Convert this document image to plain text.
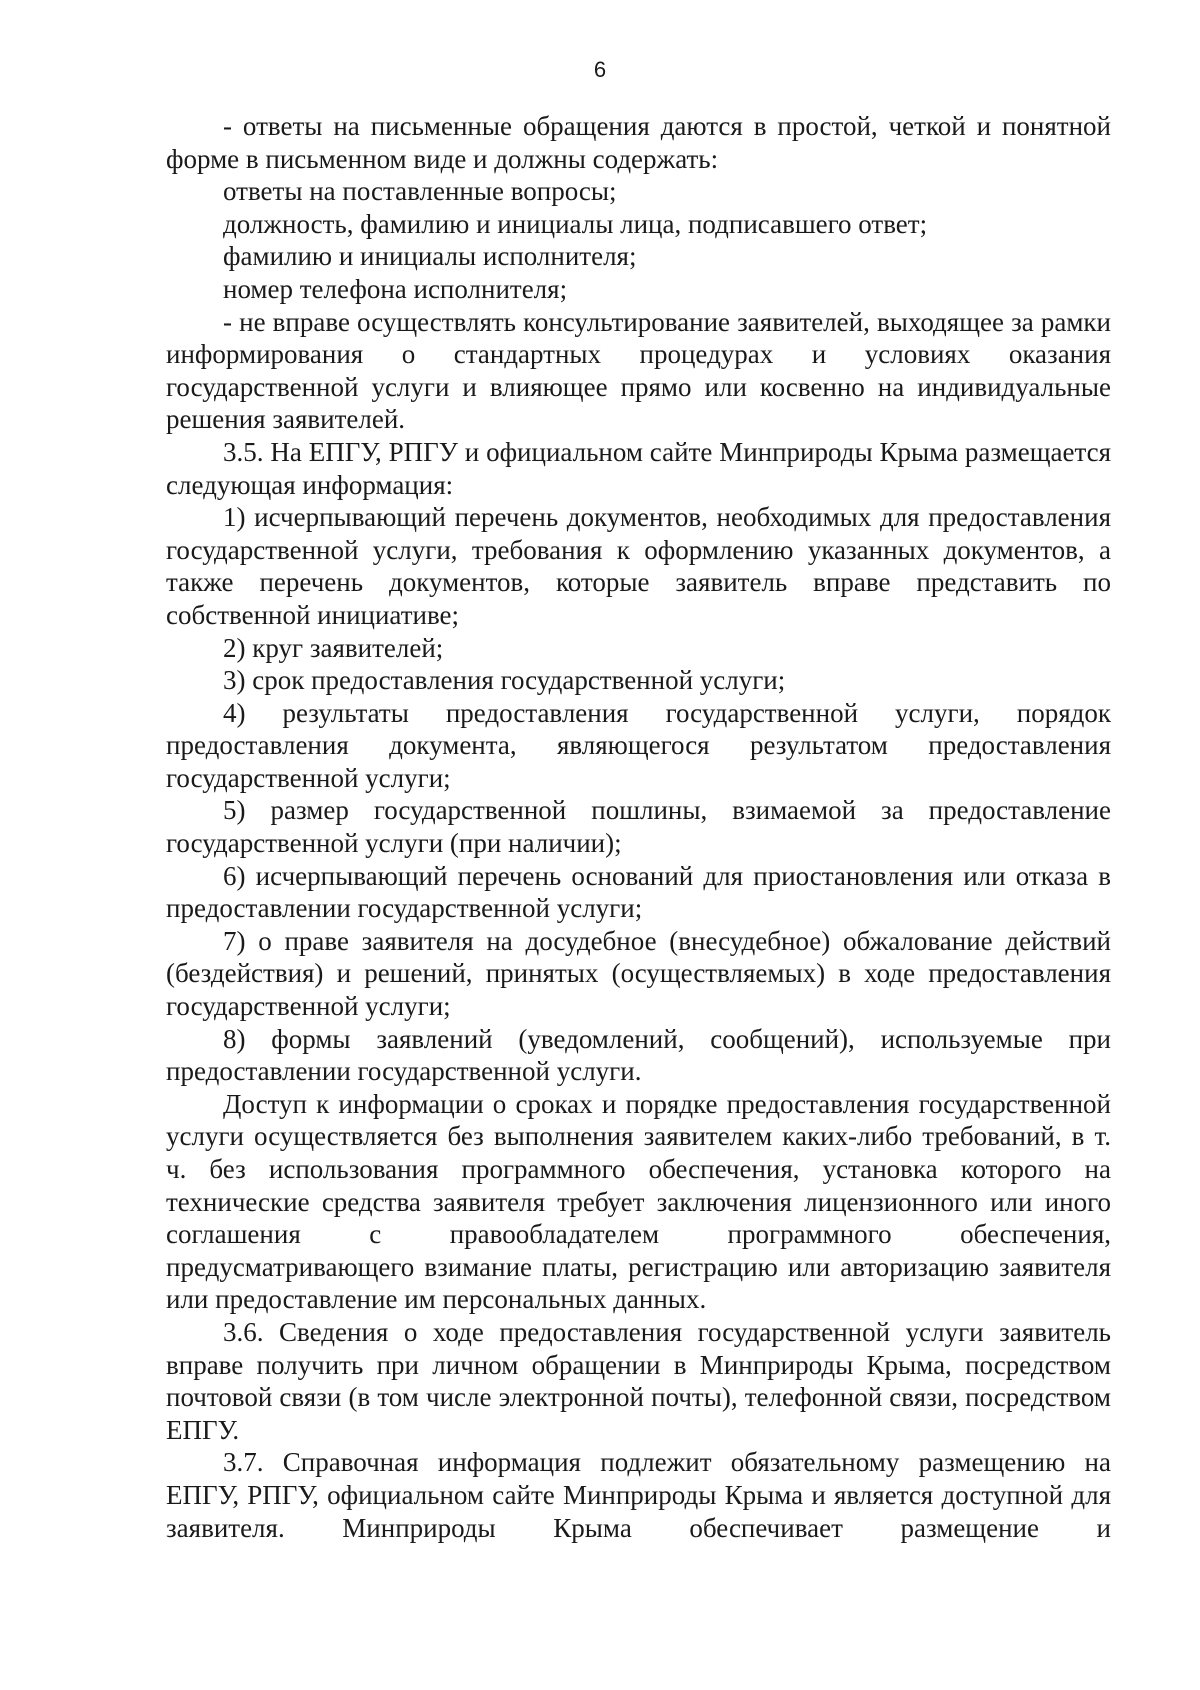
6

- ответы на письменные обращения даются в простой, четкой и понятной форме в письменном виде и должны содержать:

ответы на поставленные вопросы;

должность, фамилию и инициалы лица, подписавшего ответ;

фамилию и инициалы исполнителя;

номер телефона исполнителя;

- не вправе осуществлять консультирование заявителей, выходящее за рамки информирования о стандартных процедурах и условиях оказания государственной услуги и влияющее прямо или косвенно на индивидуальные решения заявителей.

3.5. На ЕПГУ, РПГУ и официальном сайте Минприроды Крыма размещается следующая информация:

1) исчерпывающий перечень документов, необходимых для предоставления государственной услуги, требования к оформлению указанных документов, а также перечень документов, которые заявитель вправе представить по собственной инициативе;

2) круг заявителей;

3) срок предоставления государственной услуги;

4) результаты предоставления государственной услуги, порядок предоставления документа, являющегося результатом предоставления государственной услуги;

5) размер государственной пошлины, взимаемой за предоставление государственной услуги (при наличии);

6) исчерпывающий перечень оснований для приостановления или отказа в предоставлении государственной услуги;

7) о праве заявителя на досудебное (внесудебное) обжалование действий (бездействия) и решений, принятых (осуществляемых) в ходе предоставления государственной услуги;

8) формы заявлений (уведомлений, сообщений), используемые при предоставлении государственной услуги.

Доступ к информации о сроках и порядке предоставления государственной услуги осуществляется без выполнения заявителем каких-либо требований, в т. ч. без использования программного обеспечения, установка которого на технические средства заявителя требует заключения лицензионного или иного соглашения с правообладателем программного обеспечения, предусматривающего взимание платы, регистрацию или авторизацию заявителя или предоставление им персональных данных.

3.6. Сведения о ходе предоставления государственной услуги заявитель вправе получить при личном обращении в Минприроды Крыма, посредством почтовой связи (в том числе электронной почты), телефонной связи, посредством ЕПГУ.

3.7. Справочная информация подлежит обязательному размещению на ЕПГУ, РПГУ, официальном сайте Минприроды Крыма и является доступной для заявителя. Минприроды Крыма обеспечивает размещение и
